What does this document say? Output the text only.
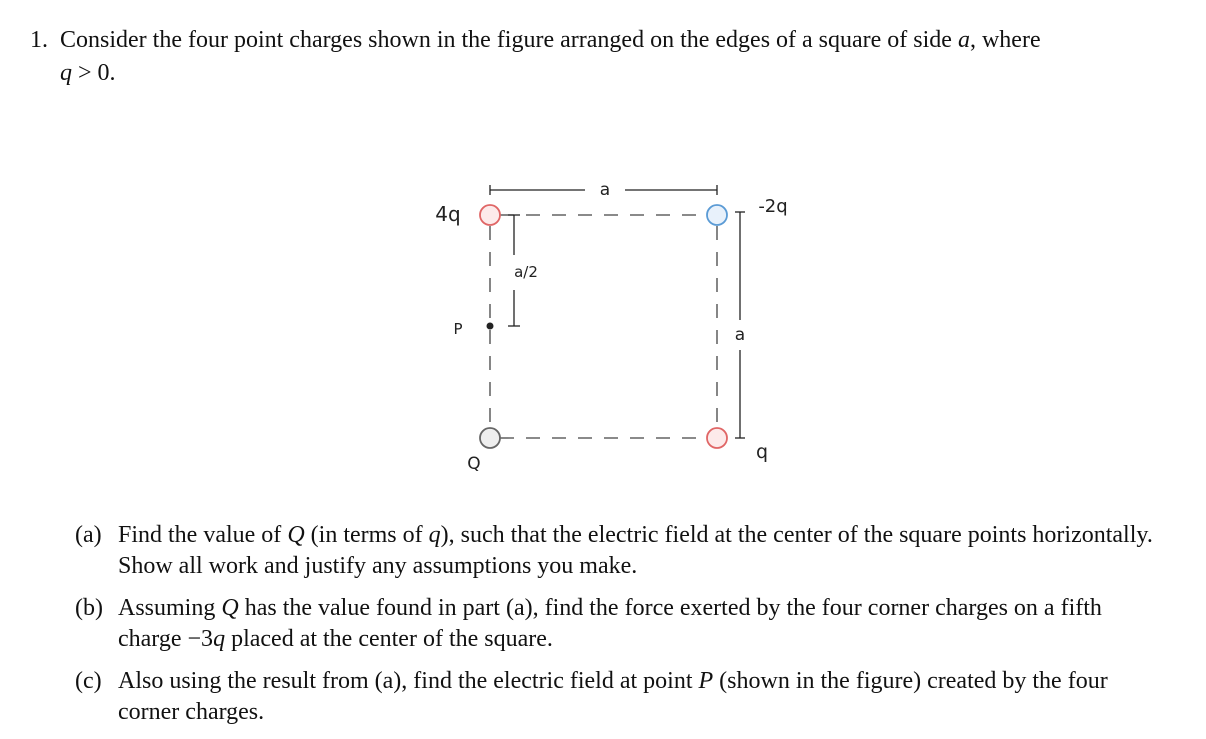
1. Consider the four point charges shown in the figure arranged on the edges of a square of side a, where
q > 0.
a
a
a/2
P
4q	-2q
Q
q
(a) Find the value of Q (in terms of q), such that the electric field at the center of the square points horizontally. Show all work and justify any assumptions you make.
(b) Assuming Q has the value found in part (a), find the force exerted by the four corner charges on a fifth charge −3q placed at the center of the square.
(c) Also using the result from (a), find the electric field at point P (shown in the figure) created by the four corner charges.
